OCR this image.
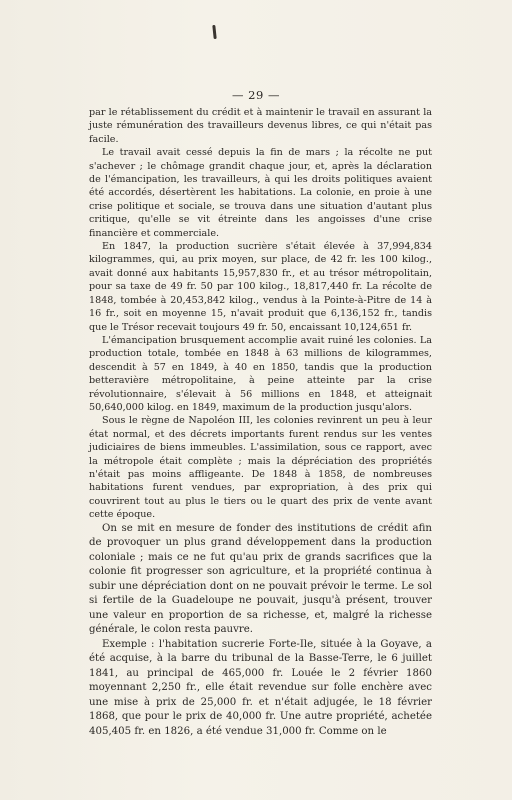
— 29 —

par le rétablissement du crédit et à maintenir le travail en assurant la juste rémunération des travailleurs devenus libres, ce qui n'était pas facile.

Le travail avait cessé depuis la fin de mars ; la récolte ne put s'achever ; le chômage grandit chaque jour, et, après la déclaration de l'émancipation, les travailleurs, à qui les droits politiques avaient été accordés, désertèrent les habitations. La colonie, en proie à une crise politique et sociale, se trouva dans une situation d'autant plus critique, qu'elle se vit étreinte dans les angoisses d'une crise financière et commerciale.

En 1847, la production sucrière s'était élevée à 37,994,834 kilogrammes, qui, au prix moyen, sur place, de 42 fr. les 100 kilog., avait donné aux habitants 15,957,830 fr., et au trésor métropolitain, pour sa taxe de 49 fr. 50 par 100 kilog., 18,817,440 fr. La récolte de 1848, tombée à 20,453,842 kilog., vendus à la Pointe-à-Pitre de 14 à 16 fr., soit en moyenne 15, n'avait produit que 6,136,152 fr., tandis que le Trésor recevait toujours 49 fr. 50, encaissant 10,124,651 fr.

L'émancipation brusquement accomplie avait ruiné les colonies. La production totale, tombée en 1848 à 63 millions de kilogrammes, descendit à 57 en 1849, à 40 en 1850, tandis que la production betteravière métropolitaine, à peine atteinte par la crise révolutionnaire, s'élevait à 56 millions en 1848, et atteignait 50,640,000 kilog. en 1849, maximum de la production jusqu'alors.

Sous le règne de Napoléon III, les colonies revinrent un peu à leur état normal, et des décrets importants furent rendus sur les ventes judiciaires de biens immeubles. L'assimilation, sous ce rapport, avec la métropole était complète ; mais la dépréciation des propriétés n'était pas moins affligeante. De 1848 à 1858, de nombreuses habitations furent vendues, par expropriation, à des prix qui couvrirent tout au plus le tiers ou le quart des prix de vente avant cette époque.

On se mit en mesure de fonder des institutions de crédit afin de provoquer un plus grand développement dans la production coloniale ; mais ce ne fut qu'au prix de grands sacrifices que la colonie fit progresser son agriculture, et la propriété continua à subir une dépréciation dont on ne pouvait prévoir le terme. Le sol si fertile de la Guadeloupe ne pouvait, jusqu'à présent, trouver une valeur en proportion de sa richesse, et, malgré la richesse générale, le colon resta pauvre.

Exemple : l'habitation sucrerie Forte-Ile, située à la Goyave, a été acquise, à la barre du tribunal de la Basse-Terre, le 6 juillet 1841, au principal de 465,000 fr. Louée le 2 février 1860 moyennant 2,250 fr., elle était revendue sur folle enchère avec une mise à prix de 25,000 fr. et n'était adjugée, le 18 février 1868, que pour le prix de 40,000 fr. Une autre propriété, achetée 405,405 fr. en 1826, a été vendue 31,000 fr. Comme on le
